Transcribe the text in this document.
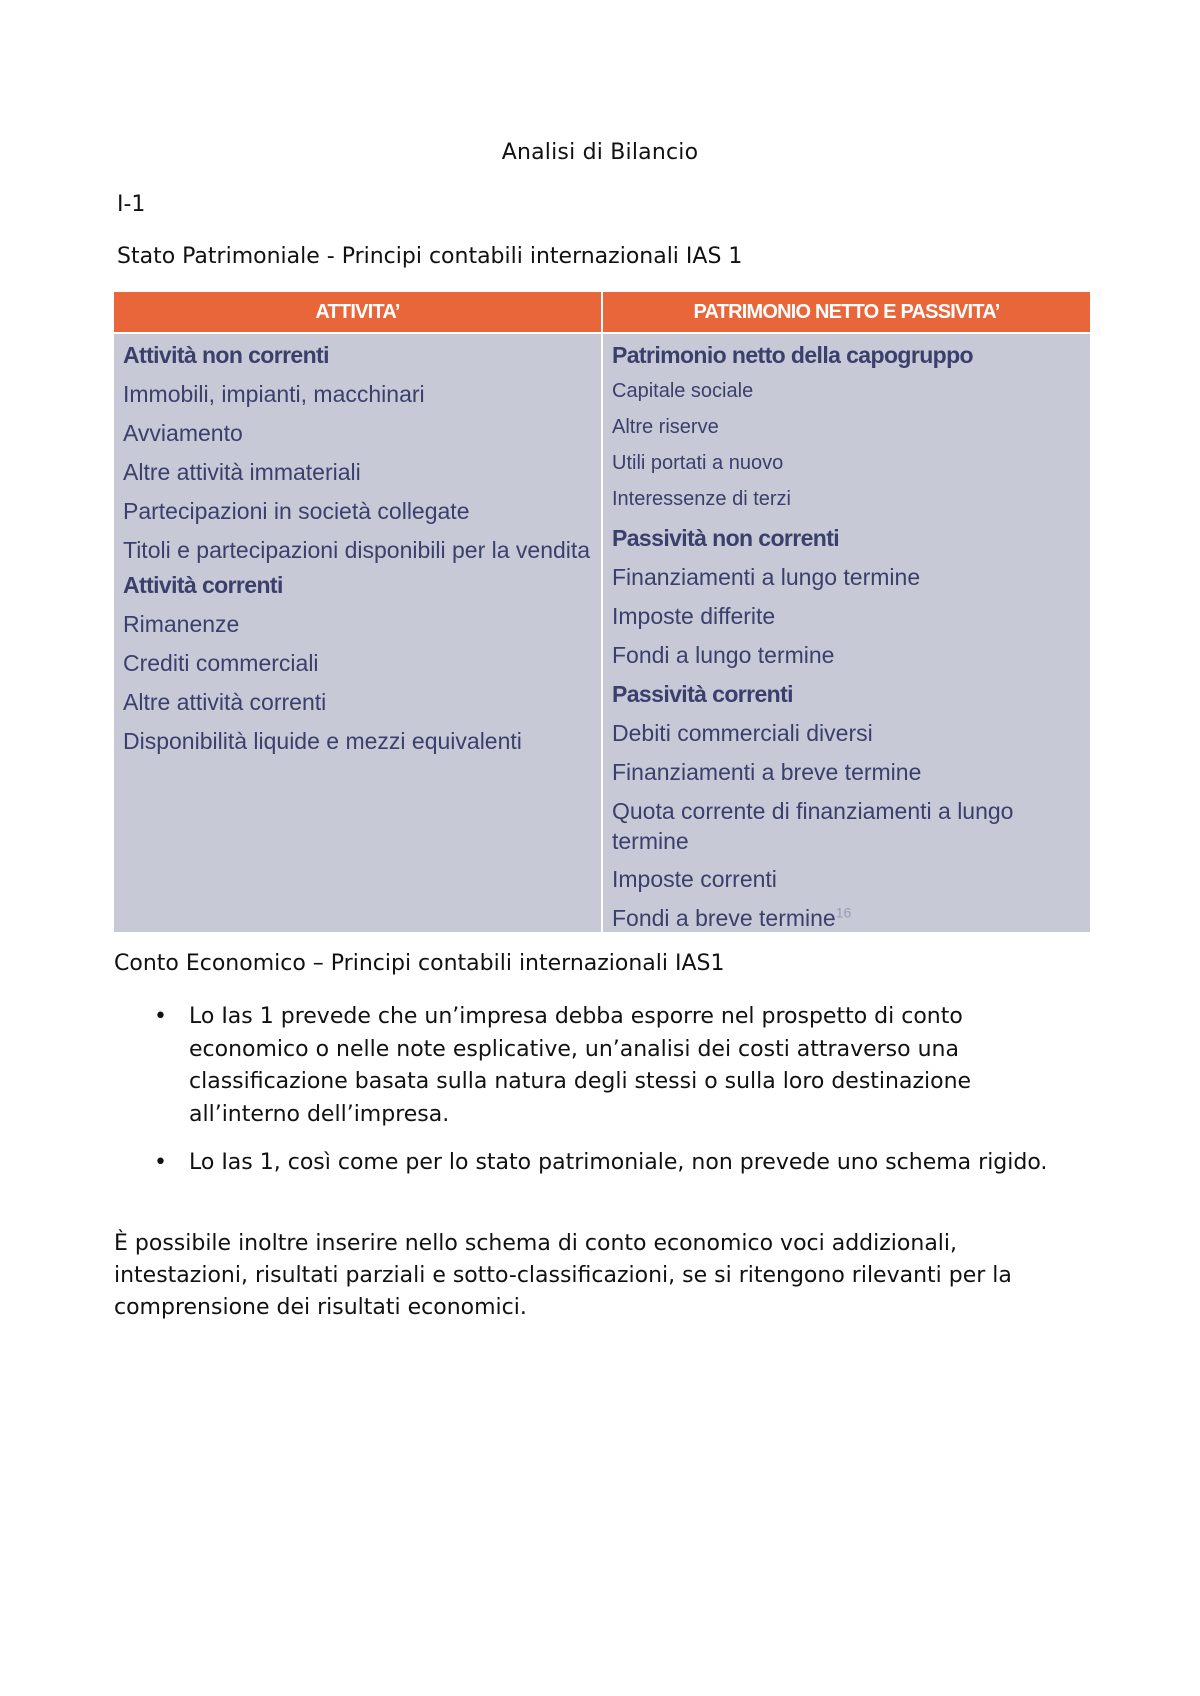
Analisi di Bilancio
I-1
Stato Patrimoniale - Principi contabili internazionali IAS 1
ATTIVITA’	PATRIMONIO NETTO E PASSIVITA’

Attività non correnti

Immobili, impianti, macchinari

Avviamento

Altre attività immateriali

Partecipazioni in società collegate

Titoli e partecipazioni disponibili per la vendita

Attività correnti

Rimanenze

Crediti commerciali

Altre attività correnti

Disponibilità liquide e mezzi equivalenti

Patrimonio netto della capogruppo

Capitale sociale

Altre riserve

Utili portati a nuovo

Interessenze di terzi

Passività non correnti

Finanziamenti a lungo termine

Imposte differite

Fondi a lungo termine

Passività correnti

Debiti commerciali diversi

Finanziamenti a breve termine

Quota corrente di finanziamenti a lungo termine

Imposte correnti

Fondi a breve termine$^{16}$

Conto Economico – Principi contabili internazionali IAS1
• Lo Ias 1 prevede che un’impresa debba esporre nel prospetto di conto economico o nelle note esplicative, un’analisi dei costi attraverso una classificazione basata sulla natura degli stessi o sulla loro destinazione all’interno dell’impresa.
• Lo Ias 1, così come per lo stato patrimoniale, non prevede uno schema rigido.

È possibile inoltre inserire nello schema di conto economico voci addizionali, intestazioni, risultati parziali e sotto-classificazioni, se si ritengono rilevanti per la comprensione dei risultati economici.
